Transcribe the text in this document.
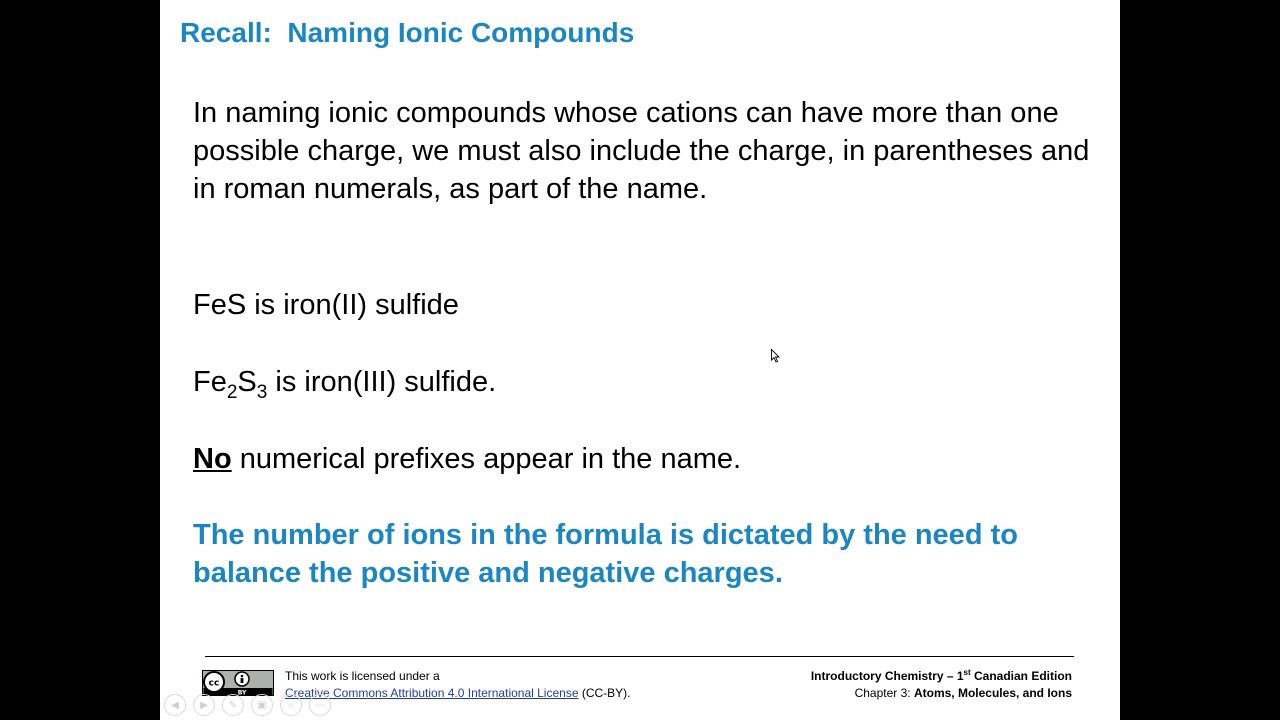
Recall:  Naming Ionic Compounds
In naming ionic compounds whose cations can have more than one possible charge, we must also include the charge, in parentheses and in roman numerals, as part of the name.
FeS is iron(II) sulfide
$Fe_2S_3$ is iron(III) sulfide.
No numerical prefixes appear in the name.
The number of ions in the formula is dictated by the need to balance the positive and negative charges.
cc
BY
This work is licensed under a
Creative Commons Attribution 4.0 International License (CC-BY).
Introductory Chemistry – 1st Canadian Edition
Chapter 3: Atoms, Molecules, and Ions
◀	▶	✎	▣	⌕	⋯
